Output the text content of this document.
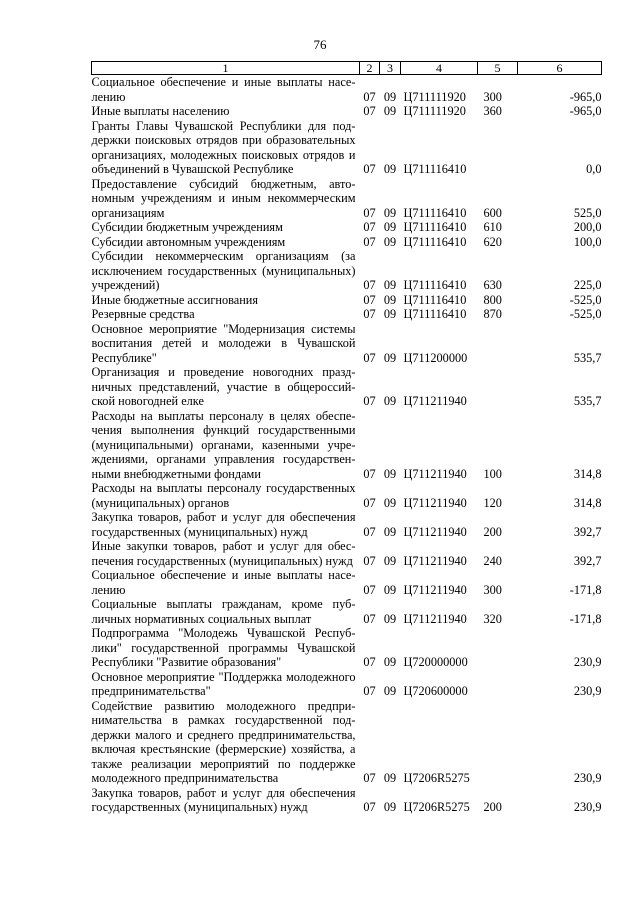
76
1	2	3	4	5	6
Социальное обеспечение и иные выплаты населению	07	09	Ц711111920	300	-965,0
Иные выплаты населению	07	09	Ц711111920	360	-965,0
Гранты Главы Чувашской Республики для поддержки поисковых отрядов при образовательных организациях, молодежных поисковых отрядов и объединений в Чувашской Республике	07	09	Ц711116410		0,0
Предоставление субсидий бюджетным, автономным учреждениям и иным некоммерческим организациям	07	09	Ц711116410	600	525,0
Субсидии бюджетным учреждениям	07	09	Ц711116410	610	200,0
Субсидии автономным учреждениям	07	09	Ц711116410	620	100,0
Субсидии некоммерческим организациям (за исключением государственных (муниципальных) учреждений)	07	09	Ц711116410	630	225,0
Иные бюджетные ассигнования	07	09	Ц711116410	800	-525,0
Резервные средства	07	09	Ц711116410	870	-525,0
Основное мероприятие "Модернизация системы воспитания детей и молодежи в Чувашской Республике"	07	09	Ц711200000		535,7
Организация и проведение новогодних праздничных представлений, участие в общероссийской новогодней елке	07	09	Ц711211940		535,7
Расходы на выплаты персоналу в целях обеспечения выполнения функций государственными (муниципальными) органами, казенными учреждениями, органами управления государственными внебюджетными фондами	07	09	Ц711211940	100	314,8
Расходы на выплаты персоналу государственных (муниципальных) органов	07	09	Ц711211940	120	314,8
Закупка товаров, работ и услуг для обеспечения государственных (муниципальных) нужд	07	09	Ц711211940	200	392,7
Иные закупки товаров, работ и услуг для обеспечения государственных (муниципальных) нужд	07	09	Ц711211940	240	392,7
Социальное обеспечение и иные выплаты населению	07	09	Ц711211940	300	-171,8
Социальные выплаты гражданам, кроме публичных нормативных социальных выплат	07	09	Ц711211940	320	-171,8
Подпрограмма "Молодежь Чувашской Республики" государственной программы Чувашской Республики "Развитие образования"	07	09	Ц720000000		230,9
Основное мероприятие "Поддержка молодежного предпринимательства"	07	09	Ц720600000		230,9
Содействие развитию молодежного предпринимательства в рамках государственной поддержки малого и среднего предпринимательства, включая крестьянские (фермерские) хозяйства, а также реализации мероприятий по поддержке молодежного предпринимательства	07	09	Ц7206R5275		230,9
Закупка товаров, работ и услуг для обеспечения государственных (муниципальных) нужд	07	09	Ц7206R5275	200	230,9
